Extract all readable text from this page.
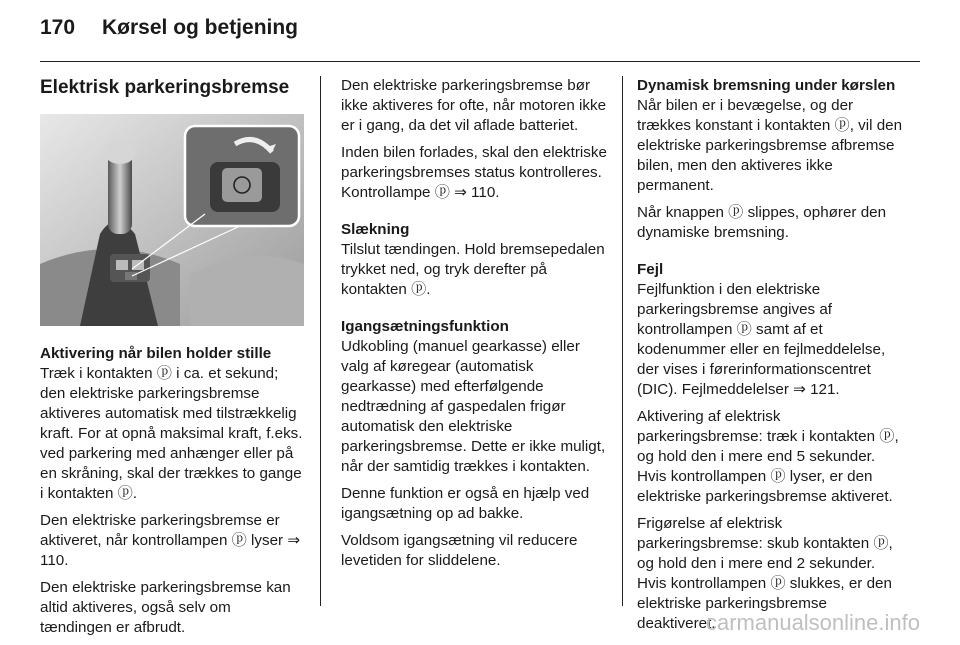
170	Kørsel og betjening
Elektrisk parkeringsbremse
Aktivering når bilen holder stille

Træk i kontakten ⓟ i ca. et sekund; den elektriske parkeringsbremse aktiveres automatisk med tilstrækkelig kraft. For at opnå maksimal kraft, f.eks. ved parkering med anhænger eller på en skråning, skal der trækkes to gange i kontakten ⓟ.

Den elektriske parkeringsbremse er aktiveret, når kontrollampen ⓟ lyser ⇒ 110.

Den elektriske parkeringsbremse kan altid aktiveres, også selv om tændingen er afbrudt.

Den elektriske parkeringsbremse bør ikke aktiveres for ofte, når motoren ikke er i gang, da det vil aflade batteriet.

Inden bilen forlades, skal den elektriske parkeringsbremses status kontrolleres. Kontrollampe ⓟ ⇒ 110.

Slækning

Tilslut tændingen. Hold bremsepedalen trykket ned, og tryk derefter på kontakten ⓟ.

Igangsætningsfunktion

Udkobling (manuel gearkasse) eller valg af køregear (automatisk gearkasse) med efterfølgende nedtrædning af gaspedalen frigør automatisk den elektriske parkeringsbremse. Dette er ikke muligt, når der samtidig trækkes i kontakten.

Denne funktion er også en hjælp ved igangsætning op ad bakke.

Voldsom igangsætning vil reducere levetiden for sliddelene.

Dynamisk bremsning under kørslen

Når bilen er i bevægelse, og der trækkes konstant i kontakten ⓟ, vil den elektriske parkeringsbremse afbremse bilen, men den aktiveres ikke permanent.

Når knappen ⓟ slippes, ophører den dynamiske bremsning.

Fejl

Fejlfunktion i den elektriske parkeringsbremse angives af kontrollampen ⓟ samt af et kodenummer eller en fejlmeddelelse, der vises i førerinformationscentret (DIC). Fejlmeddelelser ⇒ 121.

Aktivering af elektrisk parkeringsbremse: træk i kontakten ⓟ, og hold den i mere end 5 sekunder. Hvis kontrollampen ⓟ lyser, er den elektriske parkeringsbremse aktiveret.

Frigørelse af elektrisk parkeringsbremse: skub kontakten ⓟ, og hold den i mere end 2 sekunder. Hvis kontrollampen ⓟ slukkes, er den elektriske parkeringsbremse deaktiveret.

carmanualsonline.info
